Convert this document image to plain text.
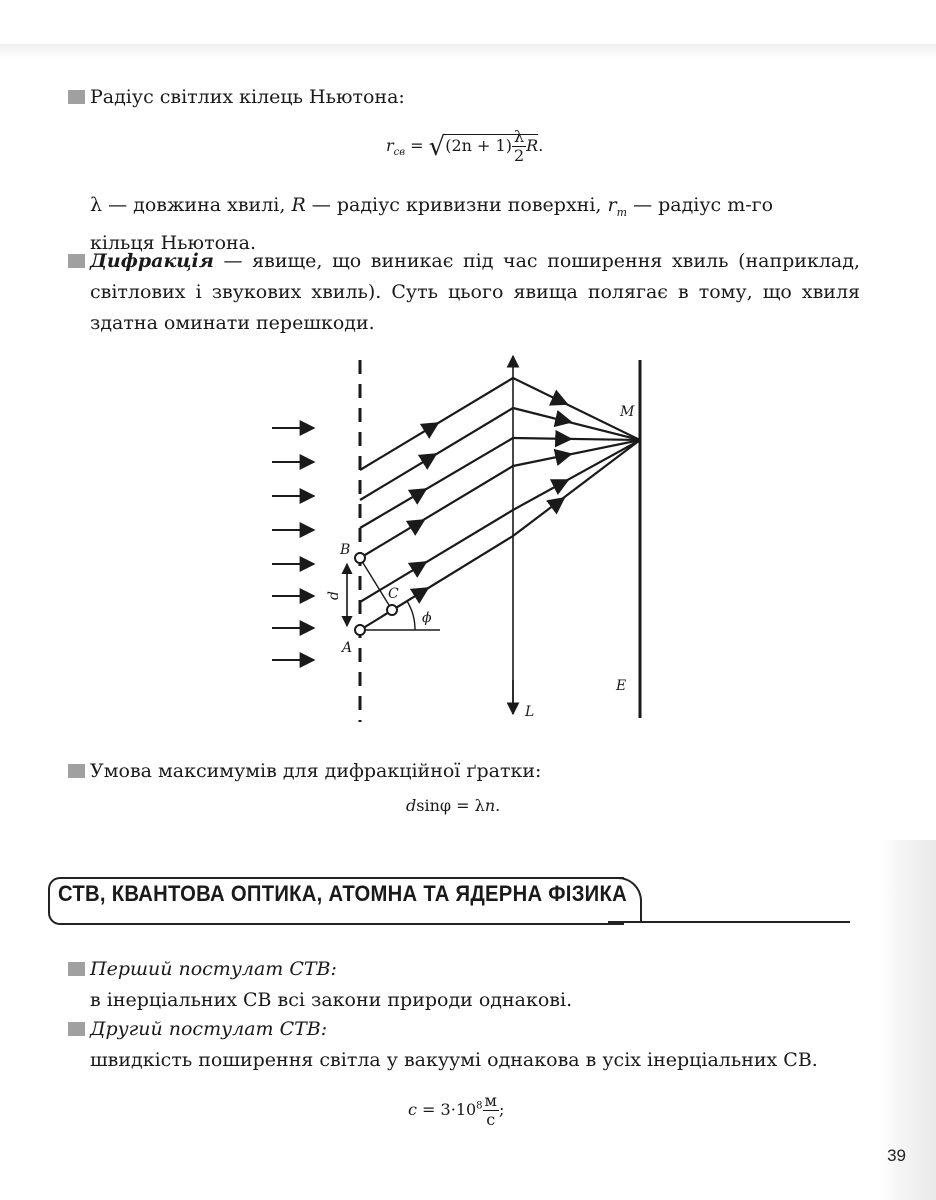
39
Радіус світлих кілець Ньютона:
$r_{св} = √(2n + 1) \frac{\lambda}{2} R$.
λ — довжина хвилі, R — радіус кривизни поверхні, $r_m$ — радіус m-го
кільця Ньютона.
Дифракція — явище, що виникає під час поширення хвиль (наприклад, світлових і звукових хвиль). Суть цього явища полягає в тому, що хвиля здатна оминати перешкоди.
M
B
C
d
ϕ
A
L
E
Умова максимумів для дифракційної ґратки:
dsinφ = λn.
СТВ, КВАНТОВА ОПТИКА, АТОМНА ТА ЯДЕРНА ФІЗИКА
Перший постулат СТВ:
в інерціальних СВ всі закони природи однакові.
Другий постулат СТВ:
швидкість поширення світла у вакуумі однакова в усіх інерціальних СВ.
$c = 3\cdot 10^8 \frac{м}{с}$ ;
